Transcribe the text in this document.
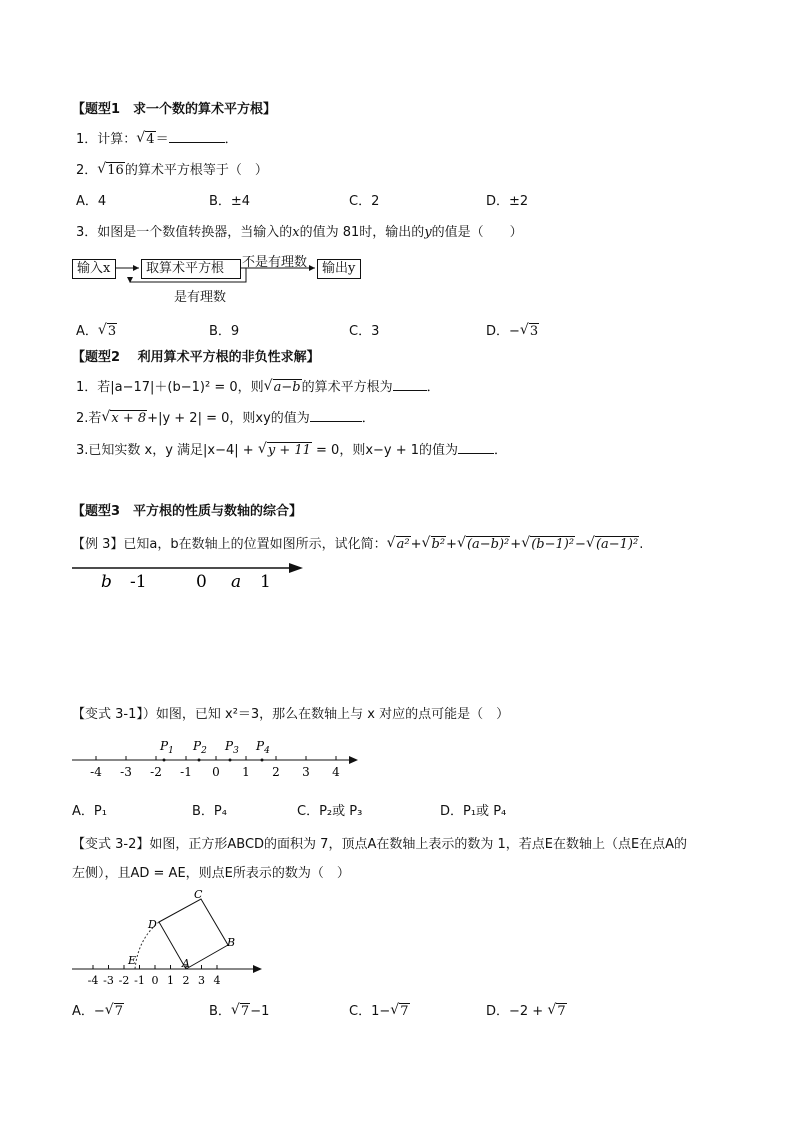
【题型1　求一个数的算术平方根】
1．计算： √ 4＝	．
2． √ 16的算术平方根等于（　）
A．4	B．±4	C．2	D．±2
3．如图是一个数值转换器，当输入的x的值为 81时，输出的y的值是（　　）
输入x	取算术平方根	输出y
不是有理数
是有理数
A． √ 3	B．9	C．3	D．− √ 3
【题型2　 利用算术平方根的非负性求解】
1．若|a−17|＋(b−1)² = 0，则 √ a−b的算术平方根为	．
2.若 √ x + 8+|y + 2| = 0，则xy的值为	．
3.已知实数 x，y 满足|x−4| + √ y + 11 = 0，则x−y + 1的值为	．
【题型3　平方根的性质与数轴的综合】
【例 3】已知a，b在数轴上的位置如图所示，试化简： √ a²+ √ b²+ √ (a−b)²+ √ (b−1)²− √ (a−1)².
b -1	0 a 1
【变式 3-1】）如图，已知 x²＝3，那么在数轴上与 x 对应的点可能是（　）
-4 -3 -2 -1 0 1 2 3 4
$P_1$ $P_2$ $P_3$ $P_4$
A．P₁	B．P₄	C．P₂或 P₃	D．P₁或 P₄
【变式 3-2】如图，正方形ABCD的面积为 7，顶点A在数轴上表示的数为 1，若点E在数轴上（点E在点A的
左侧），且AD = AE，则点E所表示的数为（　）
-4 -3 -2 -1 0 1 2 3 4
A
B
C
D
E
A．− √ 7	B． √ 7−1	C．1− √ 7	D．−2 + √ 7
